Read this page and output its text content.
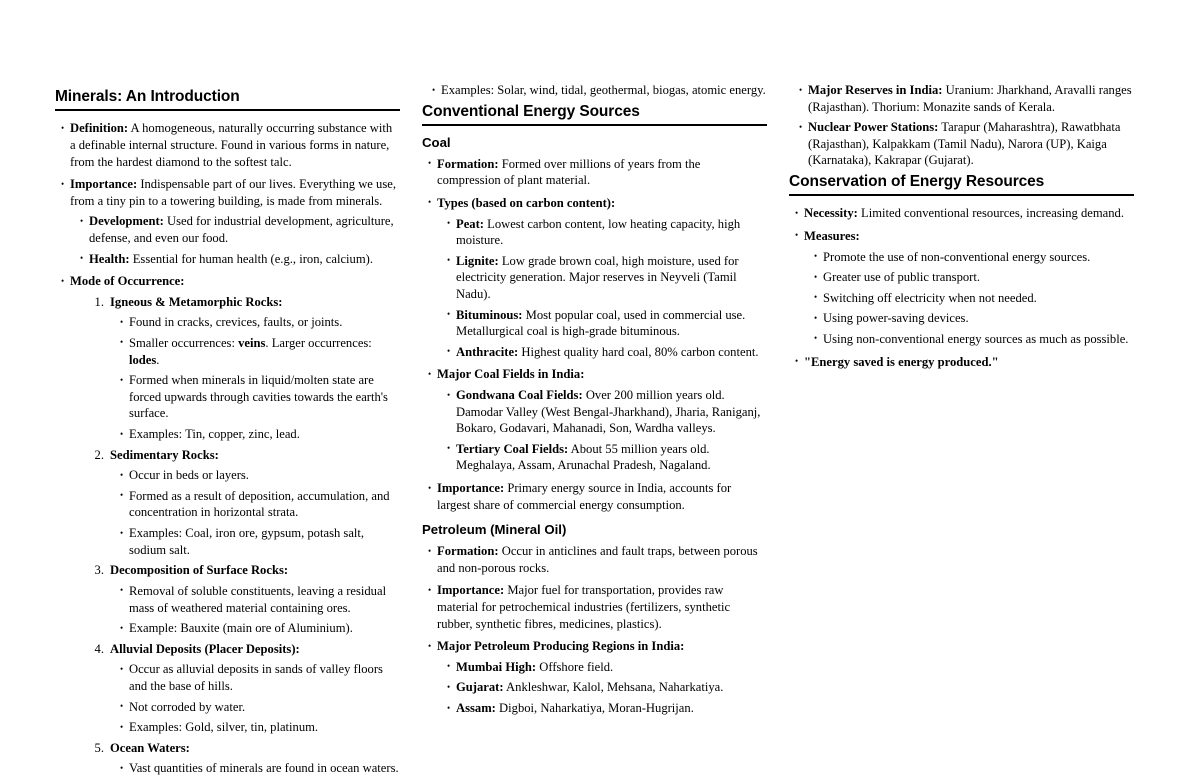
Minerals: An Introduction
• Definition: A homogeneous, naturally occurring substance with a definable internal structure. Found in various forms in nature, from the hardest diamond to the softest talc.
• Importance: Indispensable part of our lives. Everything we use, from a tiny pin to a towering building, is made from minerals.
• Development: Used for industrial development, agriculture, defense, and even our food.
• Health: Essential for human health (e.g., iron, calcium).
• Mode of Occurrence:
Igneous & Metamorphic Rocks:
• Found in cracks, crevices, faults, or joints.
• Smaller occurrences: veins. Larger occurrences: lodes.
• Formed when minerals in liquid/molten state are forced upwards through cavities towards the earth's surface.
• Examples: Tin, copper, zinc, lead.
Sedimentary Rocks:
• Occur in beds or layers.
• Formed as a result of deposition, accumulation, and concentration in horizontal strata.
• Examples: Coal, iron ore, gypsum, potash salt, sodium salt.
Decomposition of Surface Rocks:
• Removal of soluble constituents, leaving a residual mass of weathered material containing ores.
• Example: Bauxite (main ore of Aluminium).
Alluvial Deposits (Placer Deposits):
• Occur as alluvial deposits in sands of valley floors and the base of hills.
• Not corroded by water.
• Examples: Gold, silver, tin, platinum.
Ocean Waters:
• Vast quantities of minerals are found in ocean waters.
• Examples: Solar, wind, tidal, geothermal, biogas, atomic energy.
Conventional Energy Sources
Coal
• Formation: Formed over millions of years from the compression of plant material.
• Types (based on carbon content):
• Peat: Lowest carbon content, low heating capacity, high moisture.
• Lignite: Low grade brown coal, high moisture, used for electricity generation. Major reserves in Neyveli (Tamil Nadu).
• Bituminous: Most popular coal, used in commercial use. Metallurgical coal is high-grade bituminous.
• Anthracite: Highest quality hard coal, 80% carbon content.
• Major Coal Fields in India:
• Gondwana Coal Fields: Over 200 million years old. Damodar Valley (West Bengal-Jharkhand), Jharia, Raniganj, Bokaro, Godavari, Mahanadi, Son, Wardha valleys.
• Tertiary Coal Fields: About 55 million years old. Meghalaya, Assam, Arunachal Pradesh, Nagaland.
• Importance: Primary energy source in India, accounts for largest share of commercial energy consumption.
Petroleum (Mineral Oil)
• Formation: Occur in anticlines and fault traps, between porous and non-porous rocks.
• Importance: Major fuel for transportation, provides raw material for petrochemical industries (fertilizers, synthetic rubber, synthetic fibres, medicines, plastics).
• Major Petroleum Producing Regions in India:
• Mumbai High: Offshore field.
• Gujarat: Ankleshwar, Kalol, Mehsana, Naharkatiya.
• Assam: Digboi, Naharkatiya, Moran-Hugrijan.
• Major Reserves in India: Uranium: Jharkhand, Aravalli ranges (Rajasthan). Thorium: Monazite sands of Kerala.
• Nuclear Power Stations: Tarapur (Maharashtra), Rawatbhata (Rajasthan), Kalpakkam (Tamil Nadu), Narora (UP), Kaiga (Karnataka), Kakrapar (Gujarat).
Conservation of Energy Resources
• Necessity: Limited conventional resources, increasing demand.
• Measures:
• Promote the use of non-conventional energy sources.
• Greater use of public transport.
• Switching off electricity when not needed.
• Using power-saving devices.
• Using non-conventional energy sources as much as possible.
• "Energy saved is energy produced."
